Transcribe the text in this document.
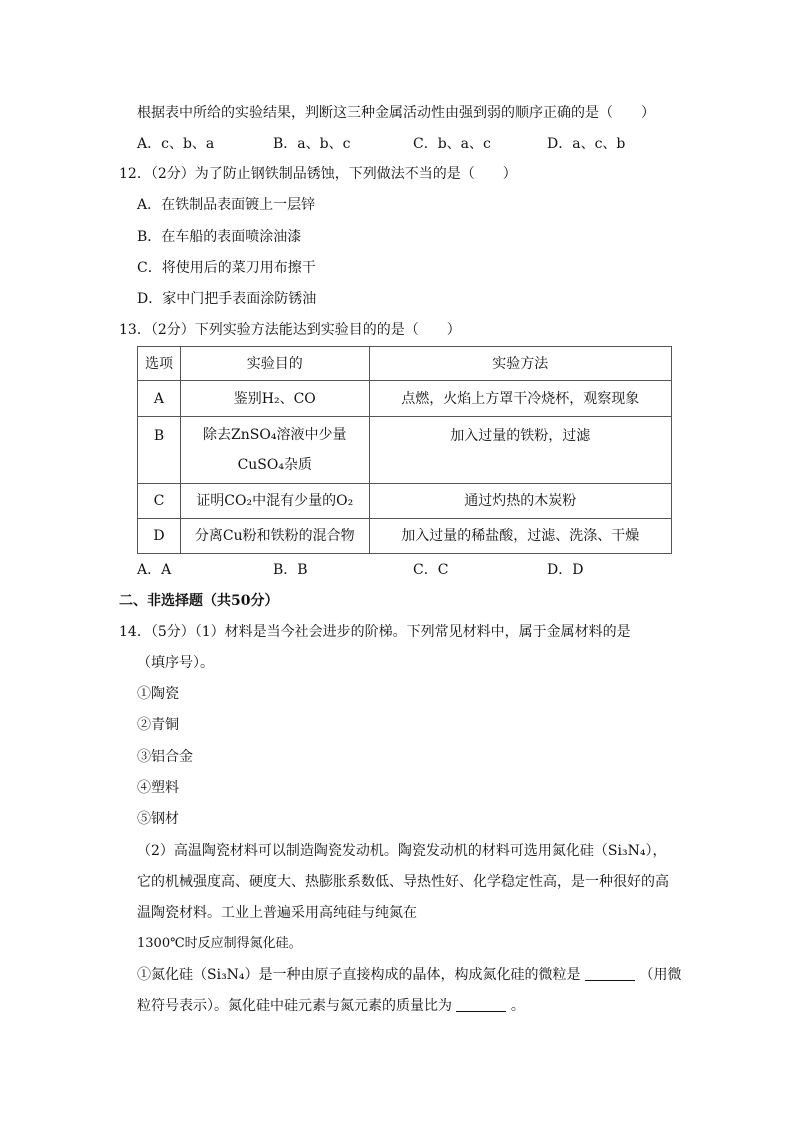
根据表中所给的实验结果，判断这三种金属活动性由强到弱的顺序正确的是（　　）
A．c、b、a	B．a、b、c	C．b、a、c	D．a、c、b
12．（2分）为了防止钢铁制品锈蚀，下列做法不当的是（　　）
A．在铁制品表面镀上一层锌
B．在车船的表面喷涂油漆
C．将使用后的菜刀用布擦干
D．家中门把手表面涂防锈油
13．（2分）下列实验方法能达到实验目的的是（　　）
选项	实验目的	实验方法
A	鉴别H₂、CO	点燃，火焰上方罩干冷烧杯，观察现象
B	除去ZnSO₄溶液中少量CuSO₄杂质	加入过量的铁粉，过滤
C	证明CO₂中混有少量的O₂	通过灼热的木炭粉
D	分离Cu粉和铁粉的混合物	加入过量的稀盐酸，过滤、洗涤、干燥
A．A	B．B	C．C	D．D
二、非选择题（共50分）
14．（5分）（1）材料是当今社会进步的阶梯。下列常见材料中，属于金属材料的是
（填序号）。
①陶瓷
②青铜
③铝合金
④塑料
⑤钢材
（2）高温陶瓷材料可以制造陶瓷发动机。陶瓷发动机的材料可选用氮化硅（Si₃N₄），
它的机械强度高、硬度大、热膨胀系数低、导热性好、化学稳定性高，是一种很好的高
温陶瓷材料。工业上普遍采用高纯硅与纯氮在
1300℃时反应制得氮化硅。
①氮化硅（Si₃N₄）是一种由原子直接构成的晶体，构成氮化硅的微粒是	（用微
粒符号表示）。氮化硅中硅元素与氮元素的质量比为	。
